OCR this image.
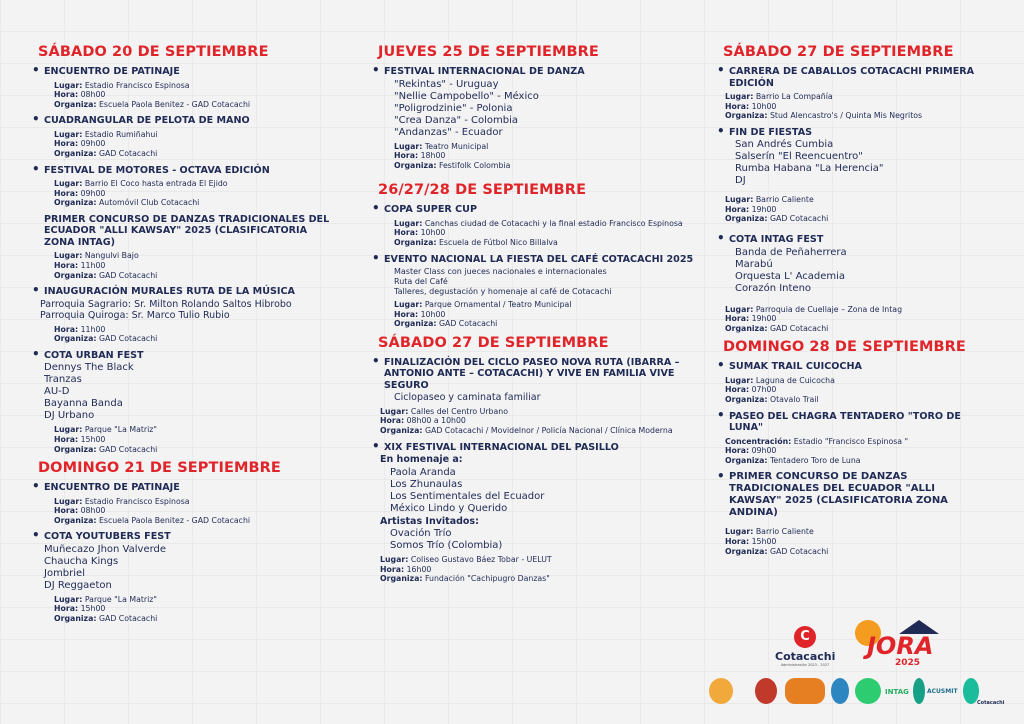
SÁBADO 20 DE SEPTIEMBRE
• ENCUENTRO DE PATINAJE
Lugar: Estadio Francisco Espinosa
Hora: 08h00
Organiza: Escuela Paola Benitez - GAD Cotacachi
• CUADRANGULAR DE PELOTA DE MANO
Lugar: Estadio Rumiñahui
Hora: 09h00
Organiza: GAD Cotacachi
• FESTIVAL DE MOTORES - OCTAVA EDICIÓN
Lugar: Barrio El Coco hasta entrada El Ejido
Hora: 09h00
Organiza: Automóvil Club Cotacachi
PRIMER CONCURSO DE DANZAS TRADICIONALES DEL ECUADOR "ALLI KAWSAY" 2025 (CLASIFICATORIA ZONA INTAG)
Lugar: Nangulvi Bajo
Hora: 11h00
Organiza: GAD Cotacachi
• INAUGURACIÓN MURALES RUTA DE LA MÚSICA
Parroquia Sagrario: Sr. Milton Rolando Saltos Hibrobo
Parroquia Quiroga: Sr. Marco Tulio Rubio
Hora: 11h00
Organiza: GAD Cotacachi
• COTA URBAN FEST
Dennys The Black
Tranzas
AU-D
Bayanna Banda
DJ Urbano
Lugar: Parque "La Matriz"
Hora: 15h00
Organiza: GAD Cotacachi
DOMINGO 21 DE SEPTIEMBRE
• ENCUENTRO DE PATINAJE
Lugar: Estadio Francisco Espinosa
Hora: 08h00
Organiza: Escuela Paola Benitez - GAD Cotacachi
• COTA YOUTUBERS FEST
Muñecazo Jhon Valverde
Chaucha Kings
Jombriel
DJ Reggaeton
Lugar: Parque "La Matriz"
Hora: 15h00
Organiza: GAD Cotacachi
JUEVES 25 DE SEPTIEMBRE
• FESTIVAL INTERNACIONAL DE DANZA
"Rekintas" - Uruguay
"Nellie Campobello" - México
"Poligrodzinie" - Polonia
"Crea Danza" - Colombia
"Andanzas" - Ecuador
Lugar: Teatro Municipal
Hora: 18h00
Organiza: Festifolk Colombia
26/27/28 DE SEPTIEMBRE
• COPA SUPER CUP
Lugar: Canchas ciudad de Cotacachi y la final estadio Francisco Espinosa
Hora: 10h00
Organiza: Escuela de Fútbol Nico Billalva
• EVENTO NACIONAL LA FIESTA DEL CAFÉ COTACACHI 2025
Master Class con jueces nacionales e internacionales
Ruta del Café
Talleres, degustación y homenaje al café de Cotacachi
Lugar: Parque Ornamental / Teatro Municipal
Hora: 10h00
Organiza: GAD Cotacachi
SÁBADO 27 DE SEPTIEMBRE
• FINALIZACIÓN DEL CICLO PASEO NOVA RUTA (IBARRA – ANTONIO ANTE – COTACACHI) Y VIVE EN FAMILIA VIVE SEGURO
Ciclopaseo y caminata familiar
Lugar: Calles del Centro Urbano
Hora: 08h00 a 10h00
Organiza: GAD Cotacachi / Movidelnor / Policía Nacional / Clínica Moderna
• XIX FESTIVAL INTERNACIONAL DEL PASILLO
En homenaje a:
Paola Aranda
Los Zhunaulas
Los Sentimentales del Ecuador
México Lindo y Querido
Artistas Invitados:
Ovación Trío
Somos Trío (Colombia)
Lugar: Coliseo Gustavo Báez Tobar - UELUT
Hora: 16h00
Organiza: Fundación "Cachipugro Danzas"
SÁBADO 27 DE SEPTIEMBRE
• CARRERA DE CABALLOS COTACACHI PRIMERA EDICIÓN
Lugar: Barrio La Compañía
Hora: 10h00
Organiza: Stud Alencastro's / Quinta Mis Negritos
• FIN DE FIESTAS
San Andrés Cumbia
Salserín "El Reencuentro"
Rumba Habana "La Herencia"
DJ
Lugar: Barrio Caliente
Hora: 19h00
Organiza: GAD Cotacachi
• COTA INTAG FEST
Banda de Peñaherrera
Marabú
Orquesta L' Academia
Corazón Inteno
Lugar: Parroquia de Cuellaje – Zona de Intag
Hora: 19h00
Organiza: GAD Cotacachi
DOMINGO 28 DE SEPTIEMBRE
• SUMAK TRAIL CUICOCHA
Lugar: Laguna de Cuicocha
Hora: 07h00
Organiza: Otavalo Trail
• PASEO DEL CHAGRA TENTADERO "TORO DE LUNA"
Concentración: Estadio "Francisco Espinosa "
Hora: 09h00
Organiza: Tentadero Toro de Luna
• PRIMER CONCURSO DE DANZAS TRADICIONALES DEL ECUADOR "ALLI KAWSAY" 2025 (CLASIFICATORIA ZONA ANDINA)
Lugar: Barrio Caliente
Hora: 15h00
Organiza: GAD Cotacachi
C
Cotacachi
Administración 2023 - 2027
JORA
2025
INTAG	ACUSMIT
Cotacachi
